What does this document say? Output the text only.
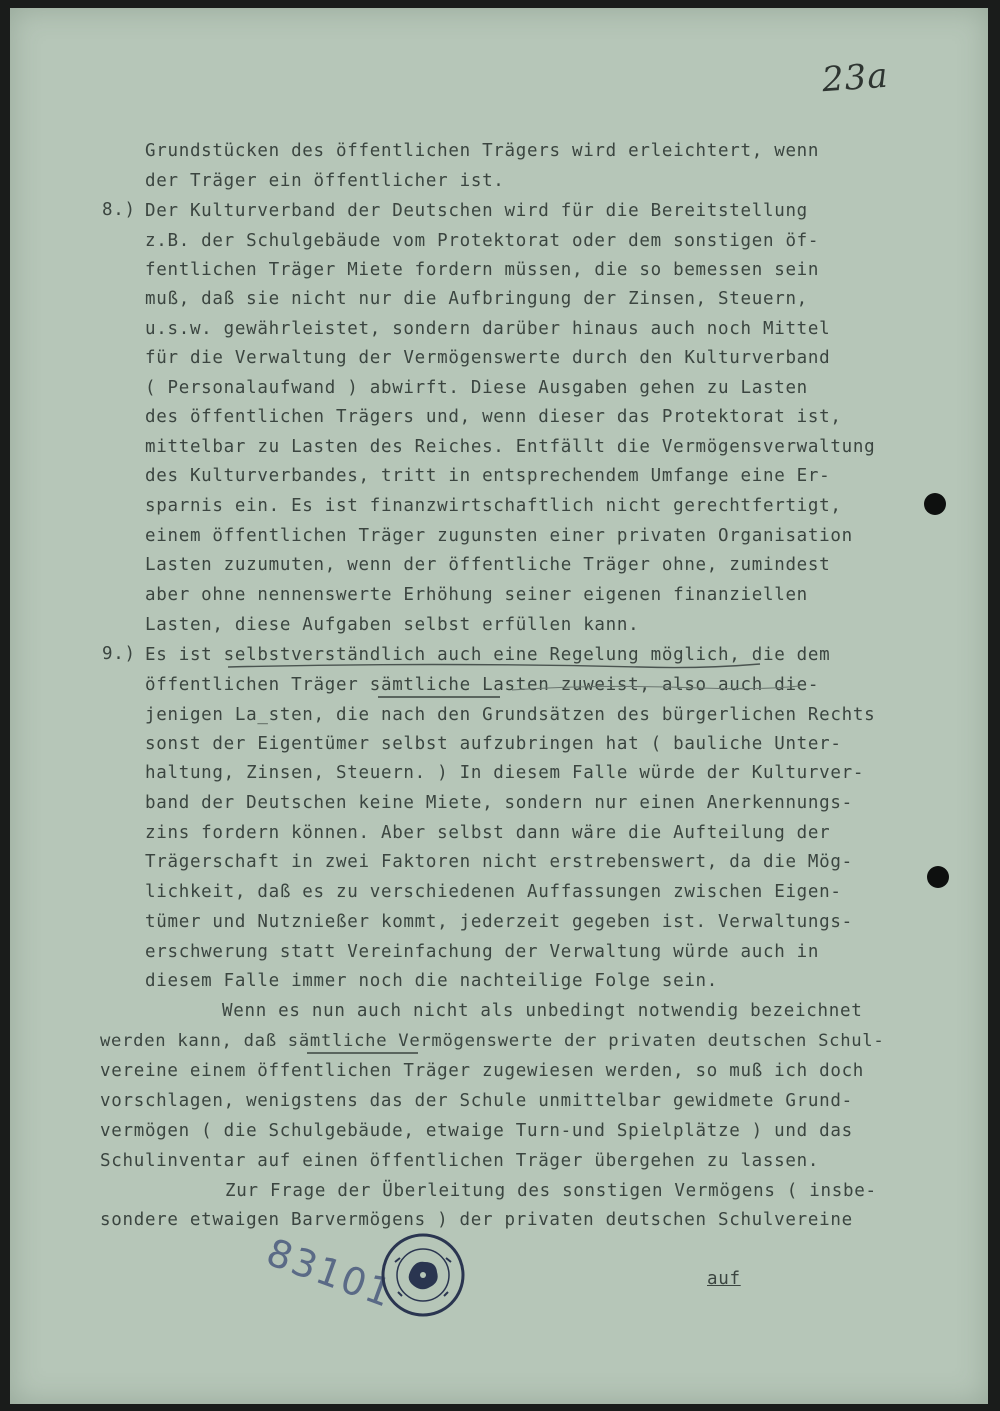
23a
Grundstücken des öffentlichen Trägers wird erleichtert, wenn
der Träger ein öffentlicher ist.
8.) Der Kulturverband der Deutschen wird für die Bereitstellung
z.B. der Schulgebäude vom Protektorat oder dem sonstigen öf-
fentlichen Träger Miete fordern müssen, die so bemessen sein
muß, daß sie nicht nur die Aufbringung der Zinsen, Steuern,
u.s.w. gewährleistet, sondern darüber hinaus auch noch Mittel
für die Verwaltung der Vermögenswerte durch den Kulturverband
( Personalaufwand ) abwirft. Diese Ausgaben gehen zu Lasten
des öffentlichen Trägers und, wenn dieser das Protektorat ist,
mittelbar zu Lasten des Reiches. Entfällt die Vermögensverwaltung
des Kulturverbandes, tritt in entsprechendem Umfange eine Er-
sparnis ein. Es ist finanzwirtschaftlich nicht gerechtfertigt,
einem öffentlichen Träger zugunsten einer privaten Organisation
Lasten zuzumuten, wenn der öffentliche Träger ohne, zumindest
aber ohne nennenswerte Erhöhung seiner eigenen finanziellen
Lasten, diese Aufgaben selbst erfüllen kann.
9.) Es ist selbstverständlich auch eine Regelung möglich, die dem
öffentlichen Träger sämtliche Lasten zuweist, also auch die-
jenigen La_sten, die nach den Grundsätzen des bürgerlichen Rechts
sonst der Eigentümer selbst aufzubringen hat ( bauliche Unter-
haltung, Zinsen, Steuern. ) In diesem Falle würde der Kulturver-
band der Deutschen keine Miete, sondern nur einen Anerkennungs-
zins fordern können. Aber selbst dann wäre die Aufteilung der
Trägerschaft in zwei Faktoren nicht erstrebenswert, da die Mög-
lichkeit, daß es zu verschiedenen Auffassungen zwischen Eigen-
tümer und Nutznießer kommt, jederzeit gegeben ist. Verwaltungs-
erschwerung statt Vereinfachung der Verwaltung würde auch in
diesem Falle immer noch die nachteilige Folge sein.
Wenn es nun auch nicht als unbedingt notwendig bezeichnet
werden kann, daß sämtliche Vermögenswerte der privaten deutschen Schul-
vereine einem öffentlichen Träger zugewiesen werden, so muß ich doch
vorschlagen, wenigstens das der Schule unmittelbar gewidmete Grund-
vermögen ( die Schulgebäude, etwaige Turn-und Spielplätze ) und das
Schulinventar auf einen öffentlichen Träger übergehen zu lassen.
Zur Frage der Überleitung des sonstigen Vermögens ( insbe-
sondere etwaigen Barvermögens ) der privaten deutschen Schulvereine
auf
83101
